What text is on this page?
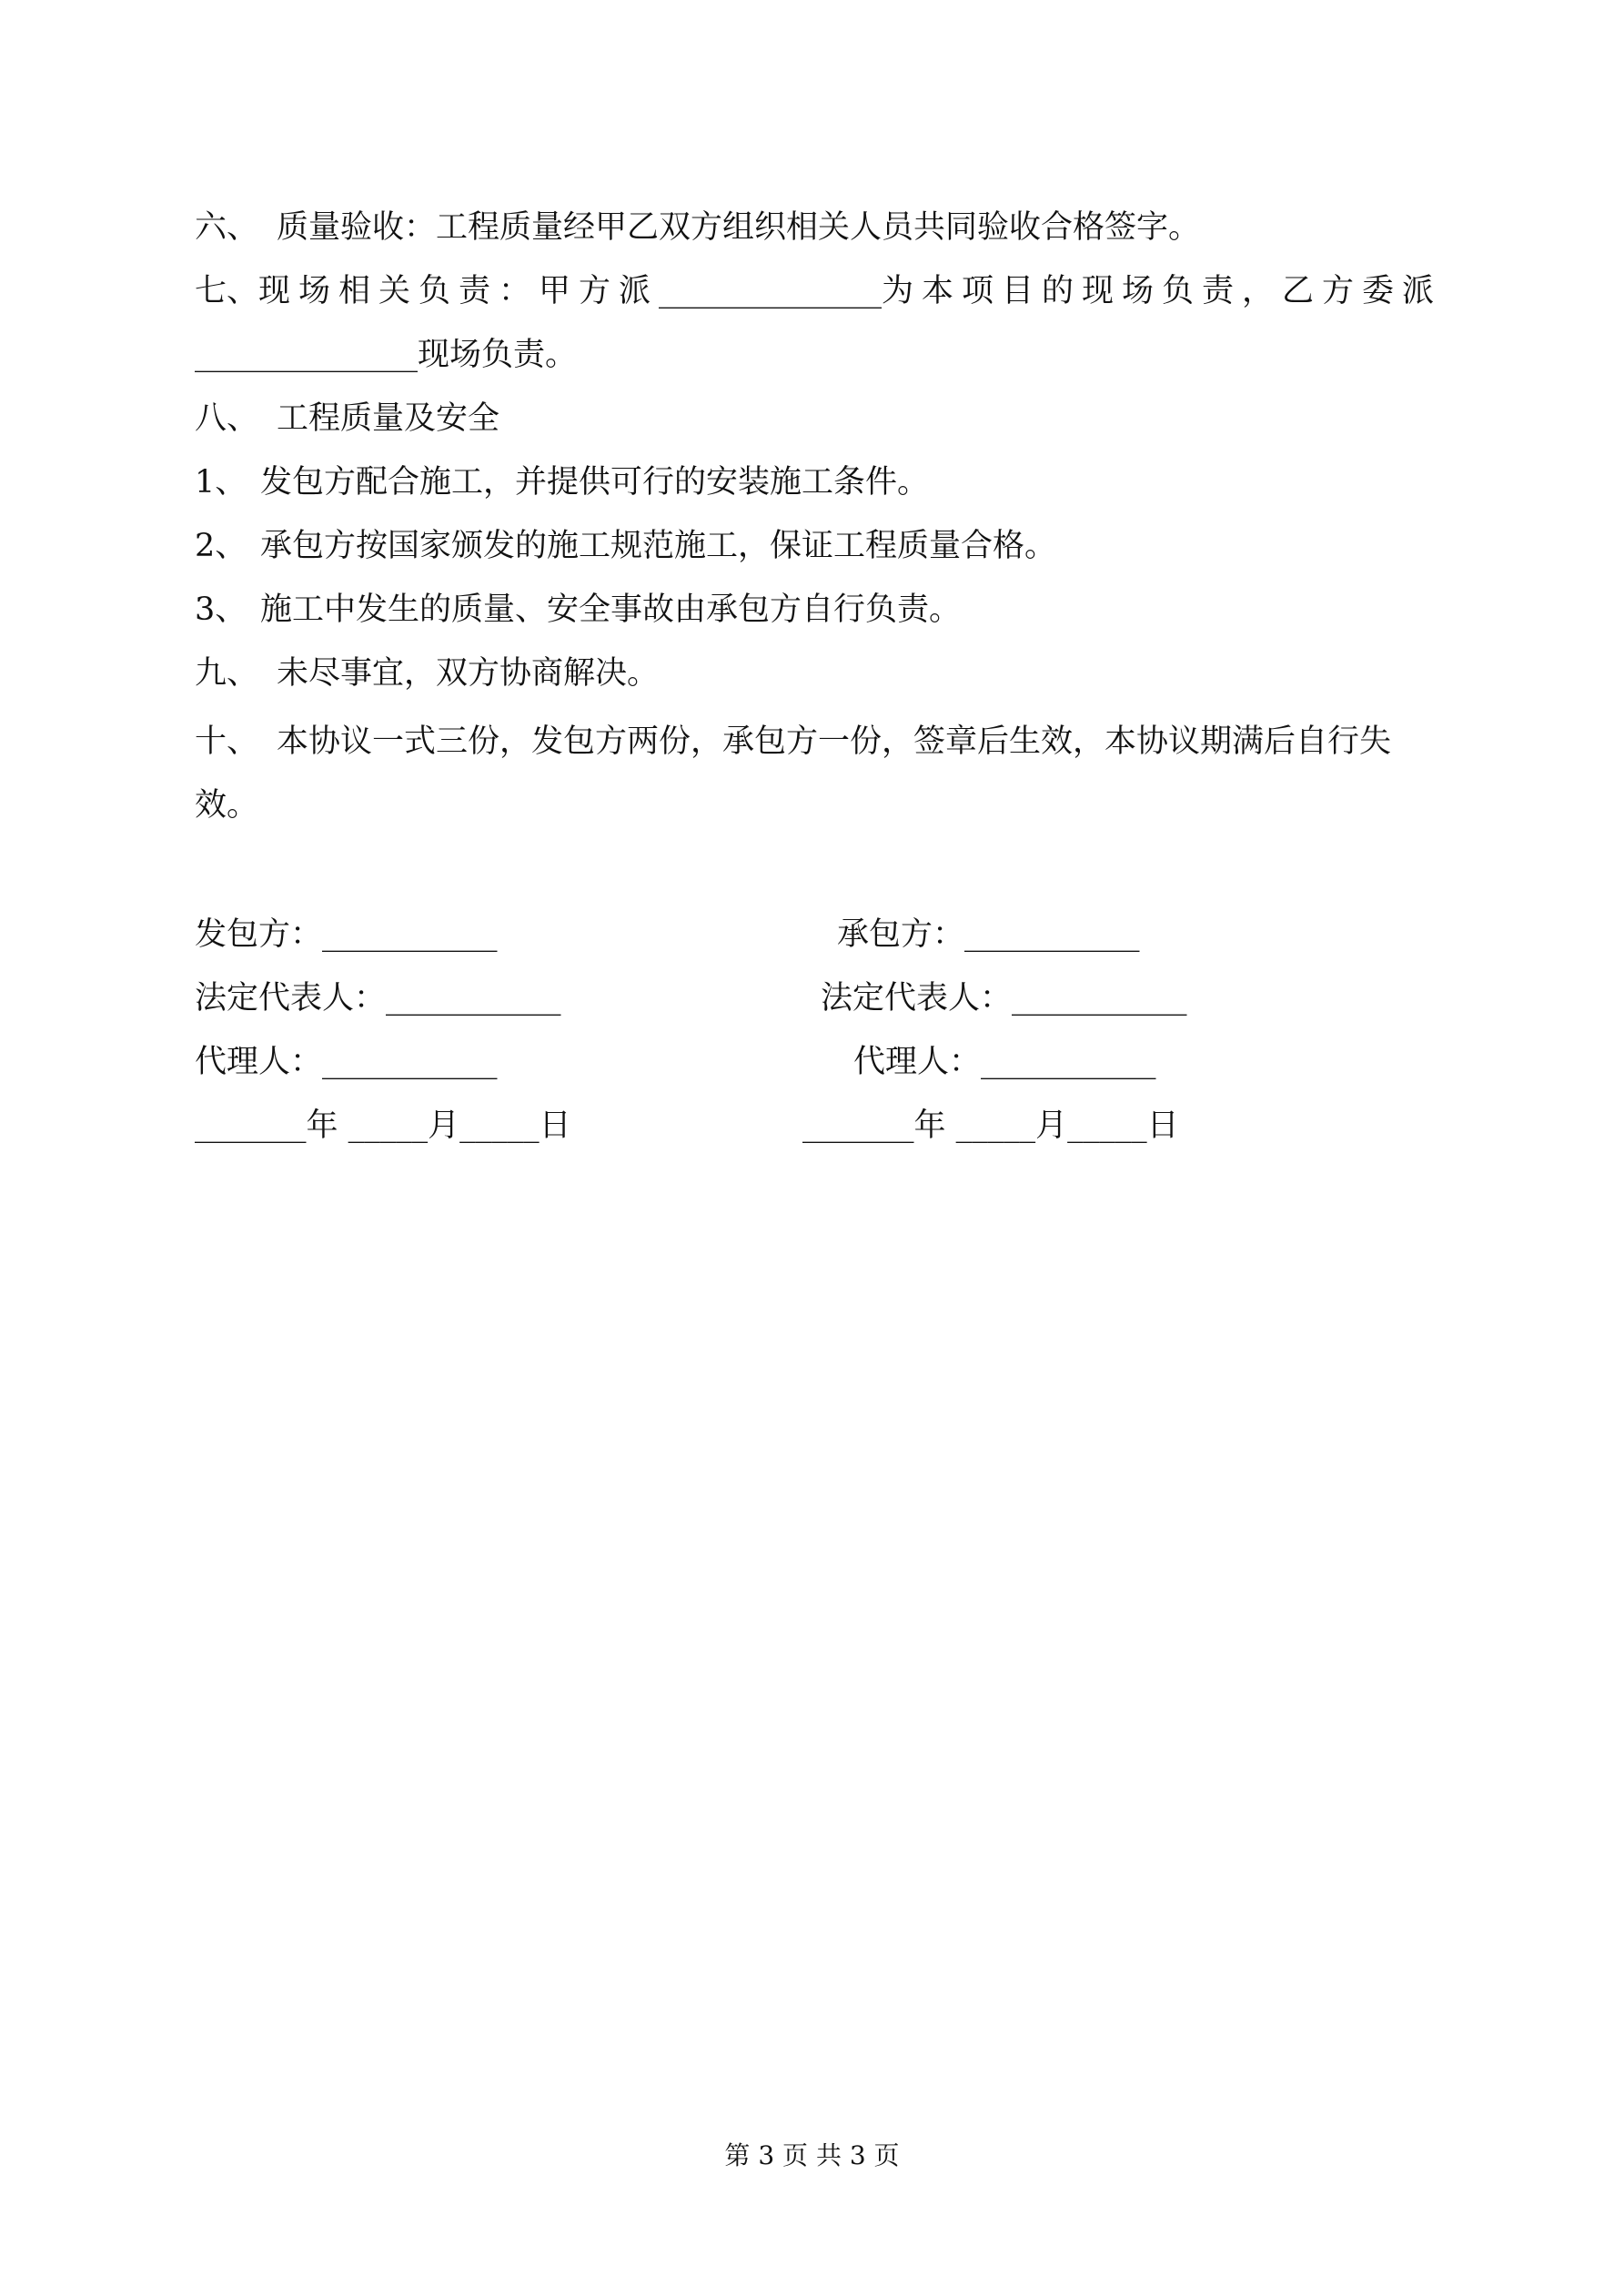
六、 质量验收：工程质量经甲乙双方组织相关人员共同验收合格签字。
七、 现场相关负责：甲方派 ______________ 为本项目的现场负责，乙方委派
______________现场负责。
八、 工程质量及安全
1、 发包方配合施工，并提供可行的安装施工条件。
2、 承包方按国家颁发的施工规范施工，保证工程质量合格。
3、 施工中发生的质量、安全事故由承包方自行负责。
九、 未尽事宜，双方协商解决。
十、 本协议一式三份，发包方两份，承包方一份，签章后生效，本协议期满后自行失
效。
发包方：___________
法定代表人：___________
代理人：___________
_______年 _____月_____日
承包方：___________
法定代表人：___________
代理人：___________
_______年 _____月_____日
第 3 页 共 3 页
